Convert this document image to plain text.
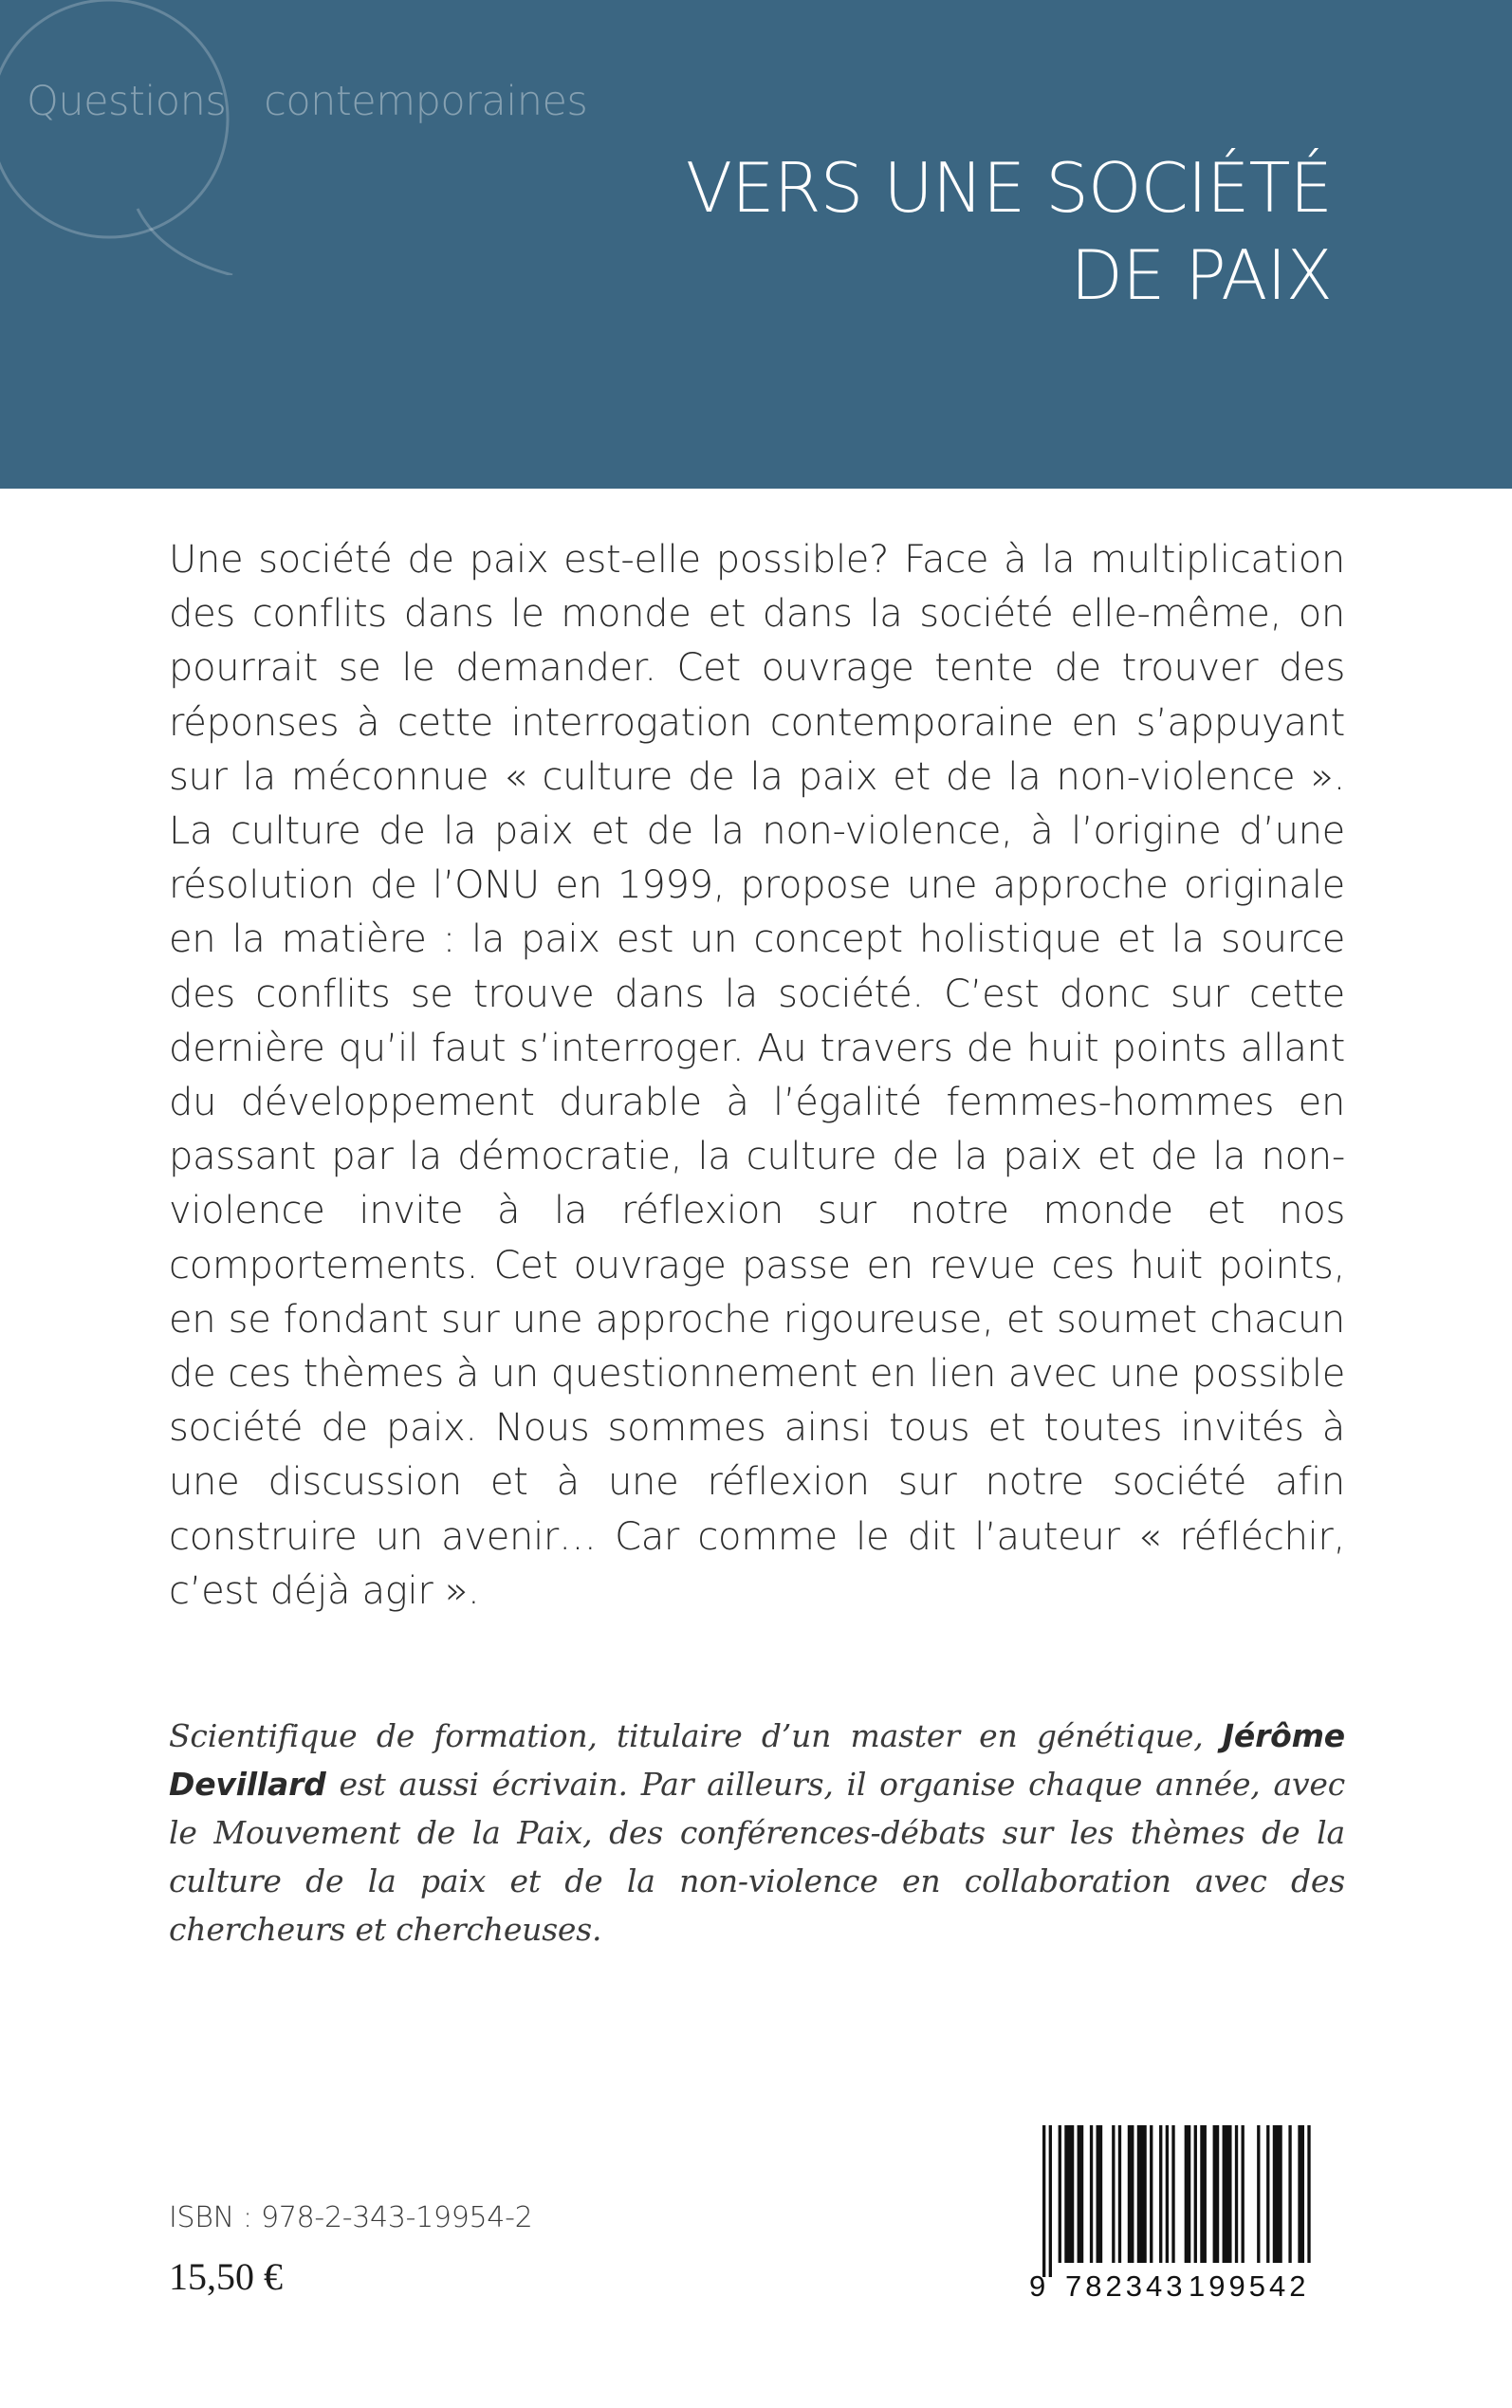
Questions contemporaines
VERS UNE SOCIÉTÉ
DE PAIX
Une société de paix est-elle possible? Face à la multiplication des conflits dans le monde et dans la société elle-même, on pourrait se le demander. Cet ouvrage tente de trouver des réponses à cette interrogation contemporaine en s’appuyant sur la méconnue « culture de la paix et de la non-violence ». La culture de la paix et de la non-violence, à l’origine d’une résolution de l’ONU en 1999, propose une approche originale en la matière : la paix est un concept holistique et la source des conflits se trouve dans la société. C’est donc sur cette dernière qu’il faut s’interroger. Au travers de huit points allant du développement durable à l’égalité femmes-hommes en passant par la démocratie, la culture de la paix et de la non-violence invite à la réflexion sur notre monde et nos comportements. Cet ouvrage passe en revue ces huit points, en se fondant sur une approche rigoureuse, et soumet chacun de ces thèmes à un questionnement en lien avec une possible société de paix. Nous sommes ainsi tous et toutes invités à une discussion et à une réflexion sur notre société afin construire un avenir… Car comme le dit l’auteur « réfléchir, c’est déjà agir ».
Scientifique de formation, titulaire d’un master en génétique, Jérôme Devillard est aussi écrivain. Par ailleurs, il organise chaque année, avec le Mouvement de la Paix, des conférences-débats sur les thèmes de la culture de la paix et de la non-violence en collaboration avec des chercheurs et chercheuses.
ISBN : 978-2-343-19954-2
15,50 €	9 782343 199542
